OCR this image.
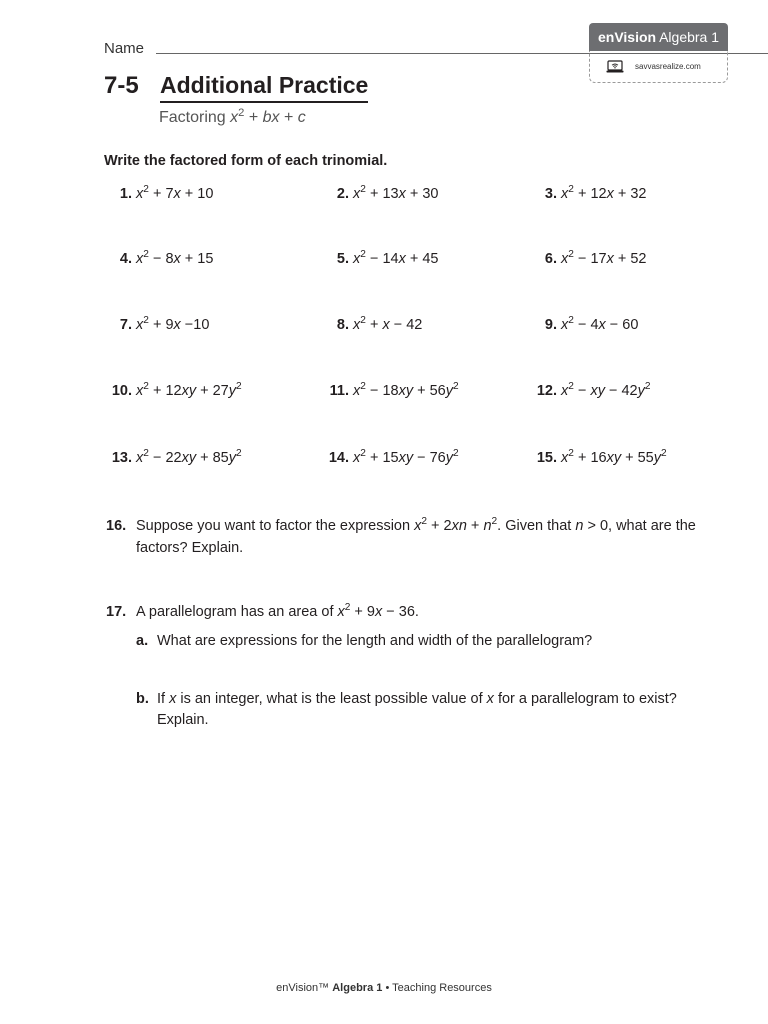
Name
enVision Algebra 1
savvasrealize.com
7-5 Additional Practice
Factoring $x^2$ + bx + c
Write the factored form of each trinomial.
1. $x^2 + 7x + 10$	2. $x^2 + 13x + 30$	3. $x^2 + 12x + 32$
4. $x^2 - 8x + 15$	5. $x^2 - 14x + 45$	6. $x^2 - 17x + 52$
7. $x^2 + 9x -10$	8. $x^2 + x - 42$	9. $x^2 - 4x - 60$
10. $x^2 + 12xy + 27y^2$	11. $x^2 - 18xy + 56y^2$	12. $x^2$ − xy − $42y^2$
13. $x^2 - 22xy + 85y^2$	14. $x^2 + 15xy - 76y^2$	15. $x^2 + 16xy + 55y^2$
16. Suppose you want to factor the expression $x^2 + 2xn + n^2$. Given that n > 0, what are the factors? Explain.
17. A parallelogram has an area of $x^2 + 9x - 36$.
a. What are expressions for the length and width of the parallelogram?
b. If x is an integer, what is the least possible value of x for a parallelogram to exist? Explain.
enVision™ Algebra 1 • Teaching Resources
